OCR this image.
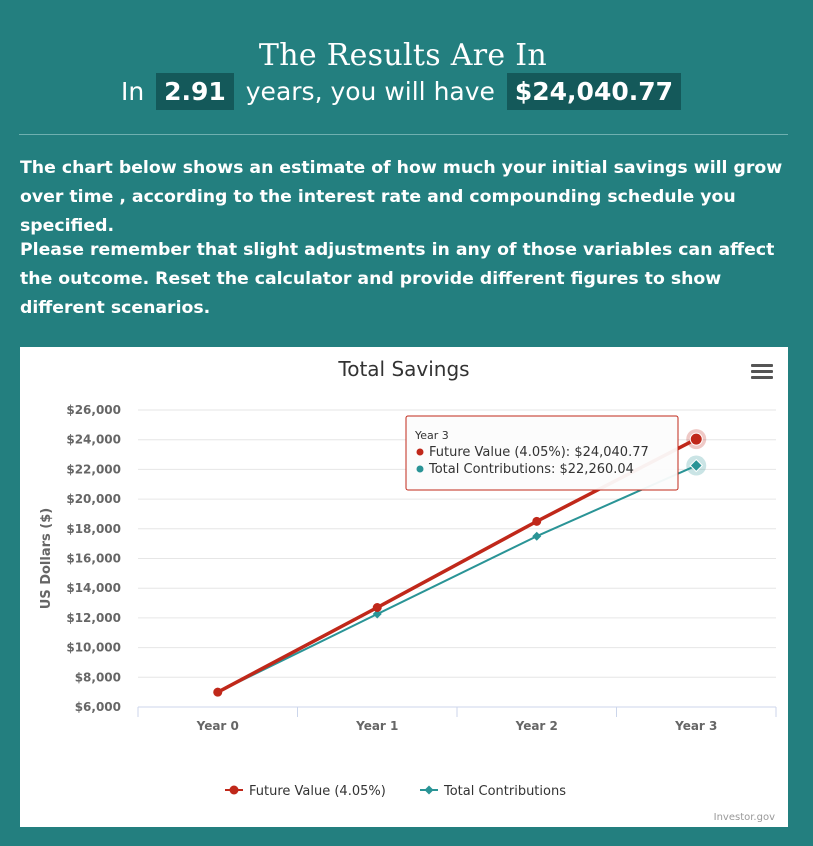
The Results Are In
In 2.91 years, you will have $24,040.77

The chart below shows an estimate of how much your initial savings will grow over time , according to the interest rate and compounding schedule you specified.

Please remember that slight adjustments in any of those variables can affect the outcome. Reset the calculator and provide different figures to show different scenarios.

Total Savings
$6,000
$8,000
$10,000
$12,000
$14,000
$16,000
$18,000
$20,000
$22,000
$24,000
$26,000
Year 0	Year 1	Year 2	Year 3
US Dollars ($)
Year 3
Future Value (4.05%): $24,040.77
Total Contributions: $22,260.04
Future Value (4.05%)	Total Contributions
Investor.gov
